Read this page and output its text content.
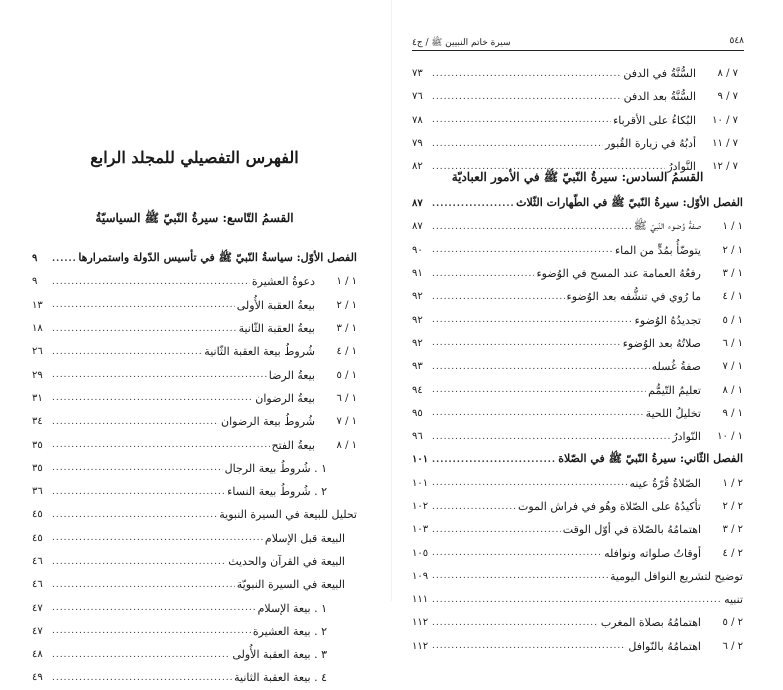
٥٤٨
سيرة خاتم النبيين ﷺ / ج٤
٧ / ٨
السُّنَّةُ في الدفن
.....
٧٣
٧ / ٩
السُّنَّةُ بعد الدفن
.....
٧٦
٧ / ١٠
البُكاءُ على الأقرباء
.....
٧٨
٧ / ١١
أدبُهُ في زيارة القُبور
.....
٧٩
٧ / ١٢
النَّوادرُ
.....
٨٢
القسمُ السادس: سيرةُ النّبيّ ﷺ في الأمور العباديّة
الفصل الأوّل: سيرةُ النّبيّ ﷺ في الطّهارات الثّلاث
.....
٨٧
١ / ١
صفةُ وُضوء النّبيّ ﷺ
.....
٨٧
١ / ٢
يتوضّأُ بمُدٍّ من الماء
.....
٩٠
١ / ٣
رفعُهُ العمامة عند المسح في الوُضوء
.....
٩١
١ / ٤
ما رُوي في تنشُّفه بعد الوُضوء
.....
٩٢
١ / ٥
تجديدُهُ الوُضوء
.....
٩٢
١ / ٦
صلاتُهُ بعد الوُضوء
.....
٩٢
١ / ٧
صفةُ غُسله
.....
٩٣
١ / ٨
تعليمُ التّيمُّم
.....
٩٤
١ / ٩
تخليلُ اللحية
.....
٩٥
١ / ١٠
النّوادرُ
.....
٩٦
الفصل الثّاني: سيرةُ النّبيّ ﷺ في الصّلاة
.....
١٠١
٢ / ١
الصّلاةُ قُرّةُ عينه
.....
١٠١
٢ / ٢
تأكيدُهُ على الصّلاة وهُو في فراش الموت
.....
١٠٢
٢ / ٣
اهتمامُهُ بالصّلاة في أوّل الوقت
.....
١٠٣
٢ / ٤
أوقاتُ صلواته ونوافله
.....
١٠٥
توضيح لتشريع النوافل اليومية
.....
١٠٩
تنبيه
.....
١١١
٢ / ٥
اهتمامُهُ بصلاة المغرب
.....
١١٢
٢ / ٦
اهتمامُهُ بالنّوافل
.....
١١٢
الفهرس التفصيلي للمجلد الرابع
القسمُ التّاسع: سيرةُ النّبيّ ﷺ السياسيّةُ
الفصل الأوّل: سياسةُ النّبيّ ﷺ في تأسيس الدّولة واستمرارها
.....
٩
١ / ١
دعوةُ العشيرة
.....
٩
١ / ٢
بيعةُ العقبة الأُولى
.....
١٣
١ / ٣
بيعةُ العقبة الثّانية
.....
١٨
١ / ٤
شُروطُ بيعة العقبة الثّانية
.....
٢٦
١ / ٥
بيعةُ الرضا
.....
٢٩
١ / ٦
بيعةُ الرضوان
.....
٣١
١ / ٧
شُروطُ بيعة الرضوان
.....
٣٤
١ / ٨
بيعةُ الفتح
.....
٣٥
١ . شُروطُ بيعة الرجال
.....
٣٥
٢ . شُروطُ بيعة النساء
.....
٣٦
تحليل للبيعة في السيرة النبوية
.....
٤٥
البيعة قبل الإسلام
.....
٤٥
البيعة في القرآن والحديث
.....
٤٦
البيعة في السيرة النبويّة
.....
٤٦
١ . بيعة الإسلام
.....
٤٧
٢ . بيعة العشيرة
.....
٤٧
٣ . بيعة العقبة الأُولى
.....
٤٨
٤ . بيعة العقبة الثانية
.....
٤٩
